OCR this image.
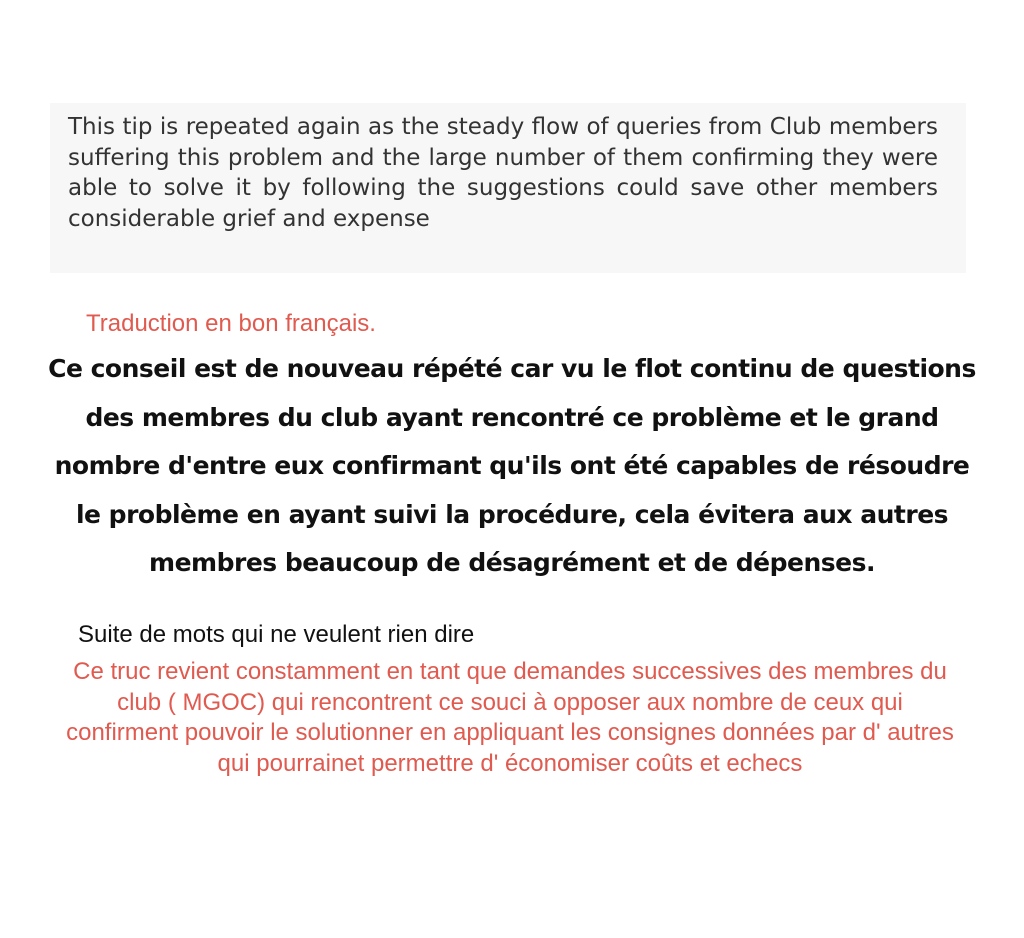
This tip is repeated again as the steady flow of queries from Club members suffering this problem and the large number of them confirming they were able to solve it by following the suggestions could save other members considerable grief and expense
Traduction en bon français.
Ce conseil est de nouveau répété car vu le flot continu de questions des membres du club ayant rencontré ce problème et le grand nombre d'entre eux confirmant qu'ils ont été capables de résoudre le problème en ayant suivi la procédure, cela évitera aux autres membres beaucoup de désagrément et de dépenses.
Suite de mots qui ne veulent rien dire
Ce truc revient constamment en tant que demandes successives des membres du club ( MGOC) qui rencontrent ce souci à opposer aux nombre de ceux qui confirment pouvoir le solutionner en appliquant les consignes données par d' autres qui pourrainet permettre d' économiser coûts et echecs
